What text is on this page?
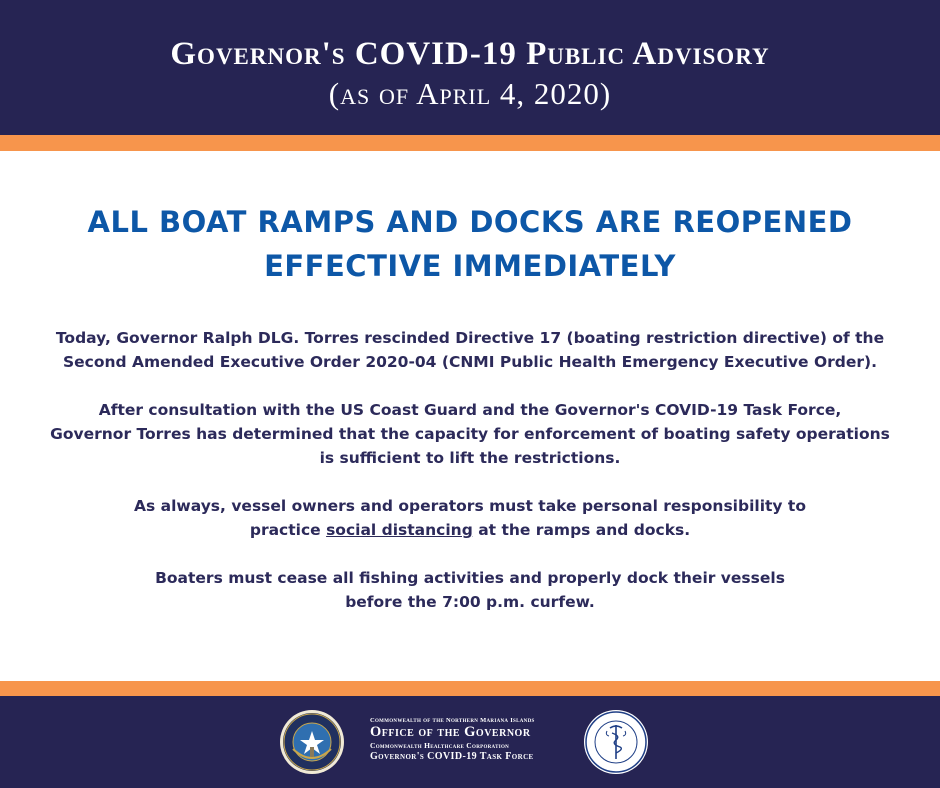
Governor's COVID-19 Public Advisory
(as of April 4, 2020)
ALL BOAT RAMPS AND DOCKS ARE REOPENED
EFFECTIVE IMMEDIATELY
Today, Governor Ralph DLG. Torres rescinded Directive 17 (boating restriction directive) of the
Second Amended Executive Order 2020-04 (CNMI Public Health Emergency Executive Order).
After consultation with the US Coast Guard and the Governor's COVID-19 Task Force,
Governor Torres has determined that the capacity for enforcement of boating safety operations
is sufficient to lift the restrictions.
As always, vessel owners and operators must take personal responsibility to
practice social distancing at the ramps and docks.
Boaters must cease all fishing activities and properly dock their vessels
before the 7:00 p.m. curfew.
Commonwealth of the Northern Mariana Islands
Office of the Governor
Commonwealth Healthcare Corporation
Governor's COVID-19 Task Force
